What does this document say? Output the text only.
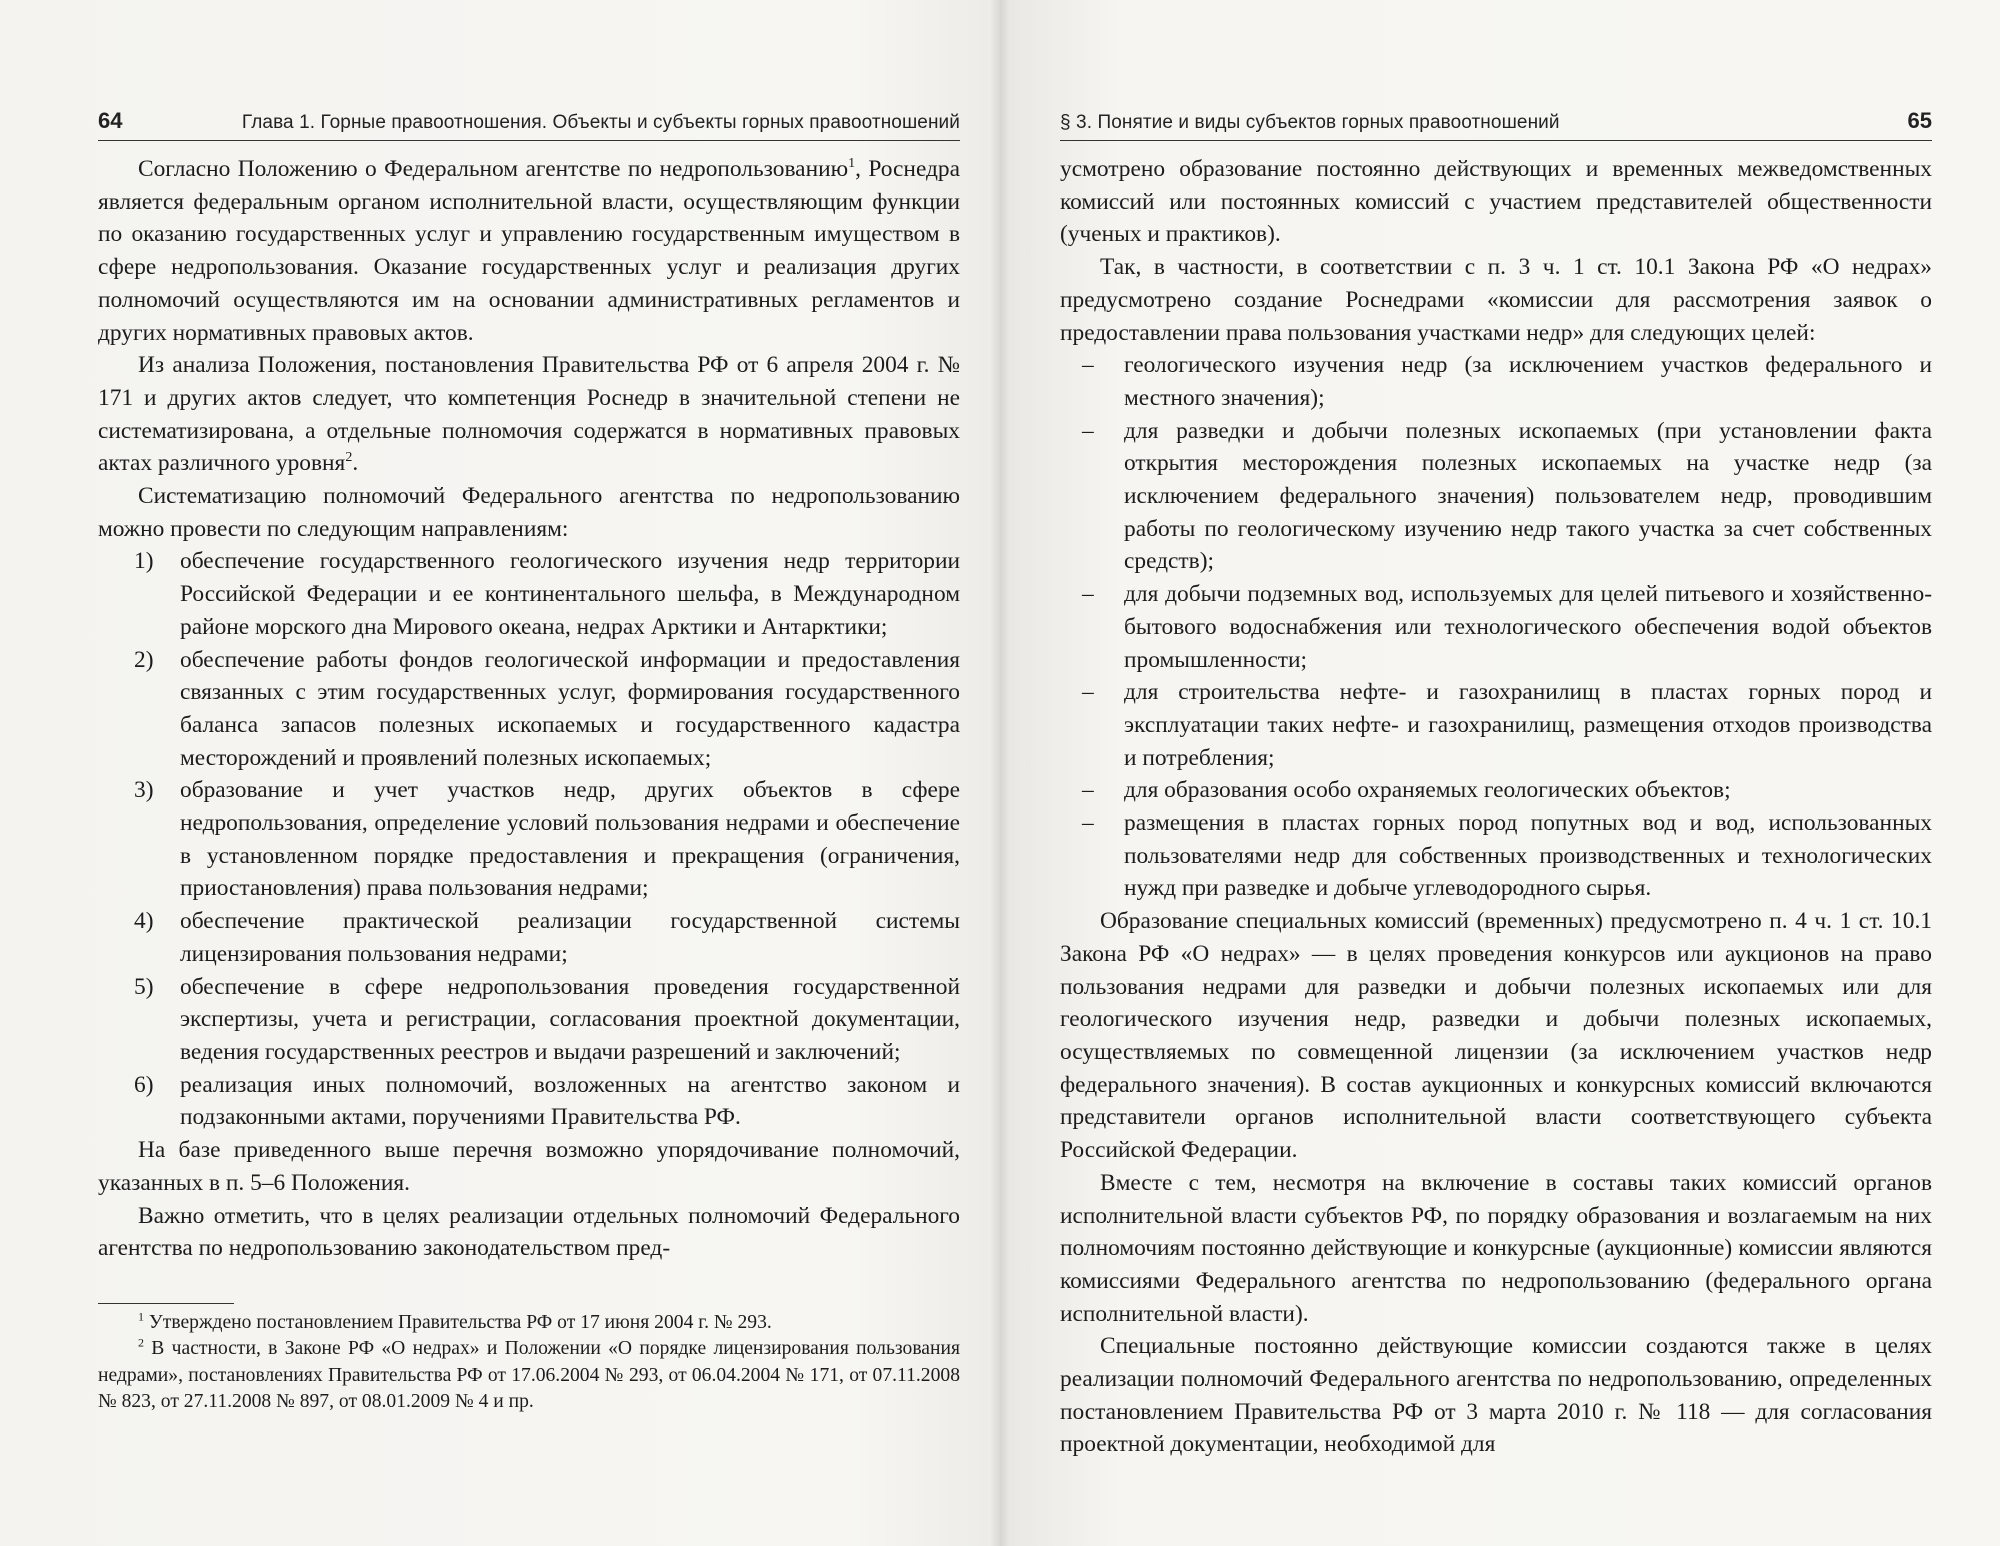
64	Глава 1. Горные правоотношения. Объекты и субъекты горных правоотношений

Согласно Положению о Федеральном агентстве по недропользованию$^1$, Роснедра является федеральным органом исполнительной власти, осуществляющим функции по оказанию государственных услуг и управлению государственным имуществом в сфере недропользования. Оказание государственных услуг и реализация других полномочий осуществляются им на основании административных регламентов и других нормативных правовых актов.

Из анализа Положения, постановления Правительства РФ от 6 апреля 2004 г. № 171 и других актов следует, что компетенция Роснедр в значительной степени не систематизирована, а отдельные полномочия содержатся в нормативных правовых актах различного уровня$^2$.

Систематизацию полномочий Федерального агентства по недропользованию можно провести по следующим направлениям:

1) обеспечение государственного геологического изучения недр территории Российской Федерации и ее континентального шельфа, в Международном районе морского дна Мирового океана, недрах Арктики и Антарктики;
2) обеспечение работы фондов геологической информации и предоставления связанных с этим государственных услуг, формирования государственного баланса запасов полезных ископаемых и государственного кадастра месторождений и проявлений полезных ископаемых;
3) образование и учет участков недр, других объектов в сфере недропользования, определение условий пользования недрами и обеспечение в установленном порядке предоставления и прекращения (ограничения, приостановления) права пользования недрами;
4) обеспечение практической реализации государственной системы лицензирования пользования недрами;
5) обеспечение в сфере недропользования проведения государственной экспертизы, учета и регистрации, согласования проектной документации, ведения государственных реестров и выдачи разрешений и заключений;
6) реализация иных полномочий, возложенных на агентство законом и подзаконными актами, поручениями Правительства РФ.

На базе приведенного выше перечня возможно упорядочивание полномочий, указанных в п. 5–6 Положения.

Важно отметить, что в целях реализации отдельных полномочий Федерального агентства по недропользованию законодательством пред-

$^1$ Утверждено постановлением Правительства РФ от 17 июня 2004 г. № 293.

$^2$ В частности, в Законе РФ «О недрах» и Положении «О порядке лицензирования пользования недрами», постановлениях Правительства РФ от 17.06.2004 № 293, от 06.04.2004 № 171, от 07.11.2008 № 823, от 27.11.2008 № 897, от 08.01.2009 № 4 и пр.

§ 3. Понятие и виды субъектов горных правоотношений	65

усмотрено образование постоянно действующих и временных межведомственных комиссий или постоянных комиссий с участием представителей общественности (ученых и практиков).

Так, в частности, в соответствии с п. 3 ч. 1 ст. 10.1 Закона РФ «О недрах» предусмотрено создание Роснедрами «комиссии для рассмотрения заявок о предоставлении права пользования участками недр» для следующих целей:

– геологического изучения недр (за исключением участков федерального и местного значения);
– для разведки и добычи полезных ископаемых (при установлении факта открытия месторождения полезных ископаемых на участке недр (за исключением федерального значения) пользователем недр, проводившим работы по геологическому изучению недр такого участка за счет собственных средств);
– для добычи подземных вод, используемых для целей питьевого и хозяйственно-бытового водоснабжения или технологического обеспечения водой объектов промышленности;
– для строительства нефте- и газохранилищ в пластах горных пород и эксплуатации таких нефте- и газохранилищ, размещения отходов производства и потребления;
– для образования особо охраняемых геологических объектов;
– размещения в пластах горных пород попутных вод и вод, использованных пользователями недр для собственных производственных и технологических нужд при разведке и добыче углеводородного сырья.

Образование специальных комиссий (временных) предусмотрено п. 4 ч. 1 ст. 10.1 Закона РФ «О недрах» — в целях проведения конкурсов или аукционов на право пользования недрами для разведки и добычи полезных ископаемых или для геологического изучения недр, разведки и добычи полезных ископаемых, осуществляемых по совмещенной лицензии (за исключением участков недр федерального значения). В состав аукционных и конкурсных комиссий включаются представители органов исполнительной власти соответствующего субъекта Российской Федерации.

Вместе с тем, несмотря на включение в составы таких комиссий органов исполнительной власти субъектов РФ, по порядку образования и возлагаемым на них полномочиям постоянно действующие и конкурсные (аукционные) комиссии являются комиссиями Федерального агентства по недропользованию (федерального органа исполнительной власти).

Специальные постоянно действующие комиссии создаются также в целях реализации полномочий Федерального агентства по недропользованию, определенных постановлением Правительства РФ от 3 марта 2010 г. № 118 — для согласования проектной документации, необходимой для
